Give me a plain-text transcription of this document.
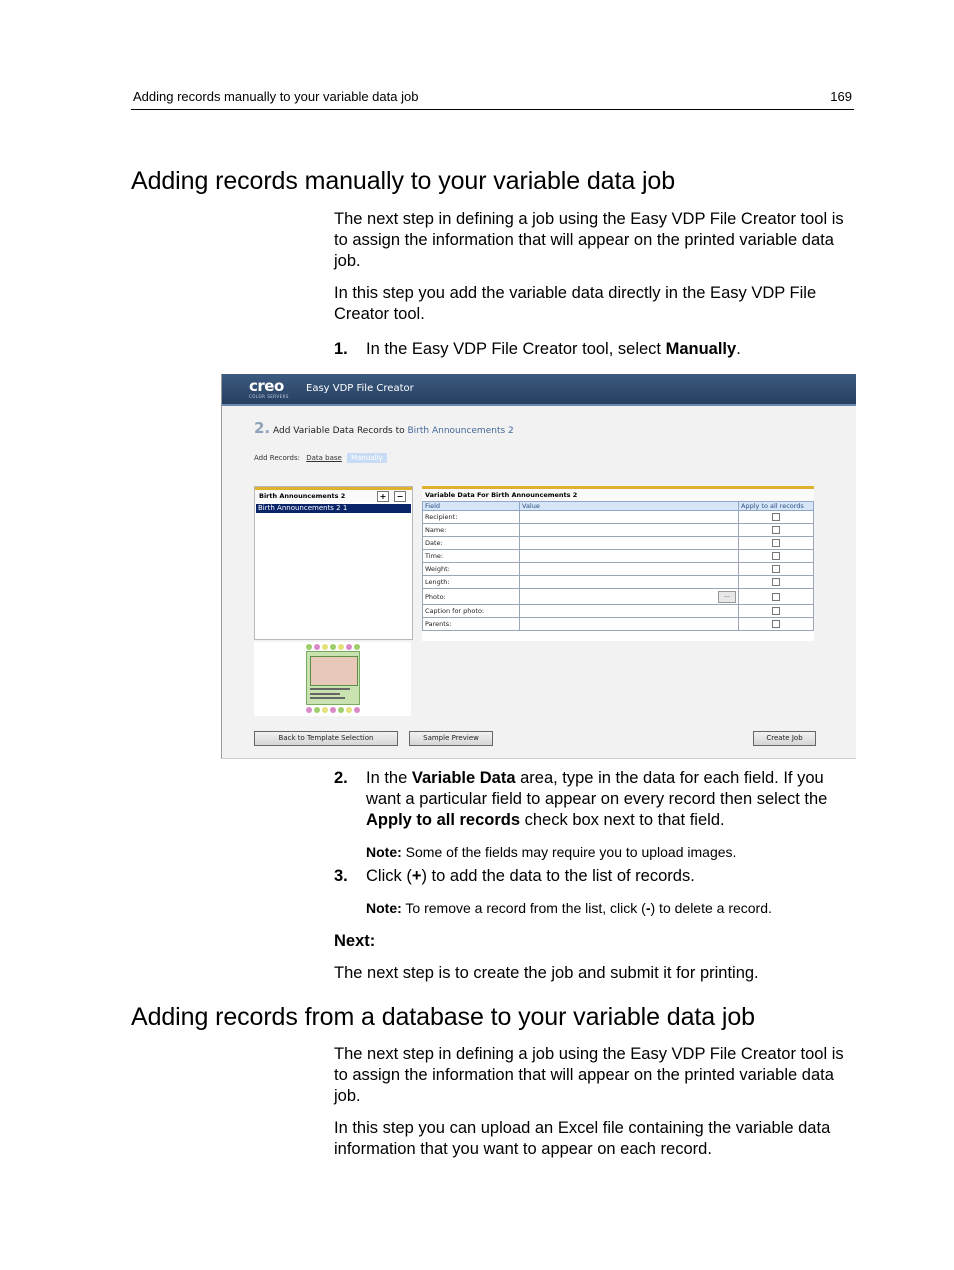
Adding records manually to your variable data job	169
Adding records manually to your variable data job

The next step in defining a job using the Easy VDP File Creator tool is to assign the information that will appear on the printed variable data job.

In this step you add the variable data directly in the Easy VDP File Creator tool.

1. In the Easy VDP File Creator tool, select Manually.
creo
COLOR SERVERS
Easy VDP File Creator
2. Add Variable Data Records to Birth Announcements 2
Add Records: Data base Manually
Birth Announcements 2	+	−
Birth Announcements 2 1
Variable Data For Birth Announcements 2
Field	Value	Apply to all records
Recipient:		
Name:		
Date:		
Time:		
Weight:		
Length:		
Photo:	...	

Caption for photo:		
Parents:		
Back to Template Selection	Sample Preview	Create Job
2. In the Variable Data area, type in the data for each field. If you want a particular field to appear on every record then select the Apply to all records check box next to that field.
Note: Some of the fields may require you to upload images.
3. Click (+) to add the data to the list of records.
Note: To remove a record from the list, click (-) to delete a record.
Next:

The next step is to create the job and submit it for printing.

Adding records from a database to your variable data job

The next step in defining a job using the Easy VDP File Creator tool is to assign the information that will appear on the printed variable data job.

In this step you can upload an Excel file containing the variable data information that you want to appear on each record.
